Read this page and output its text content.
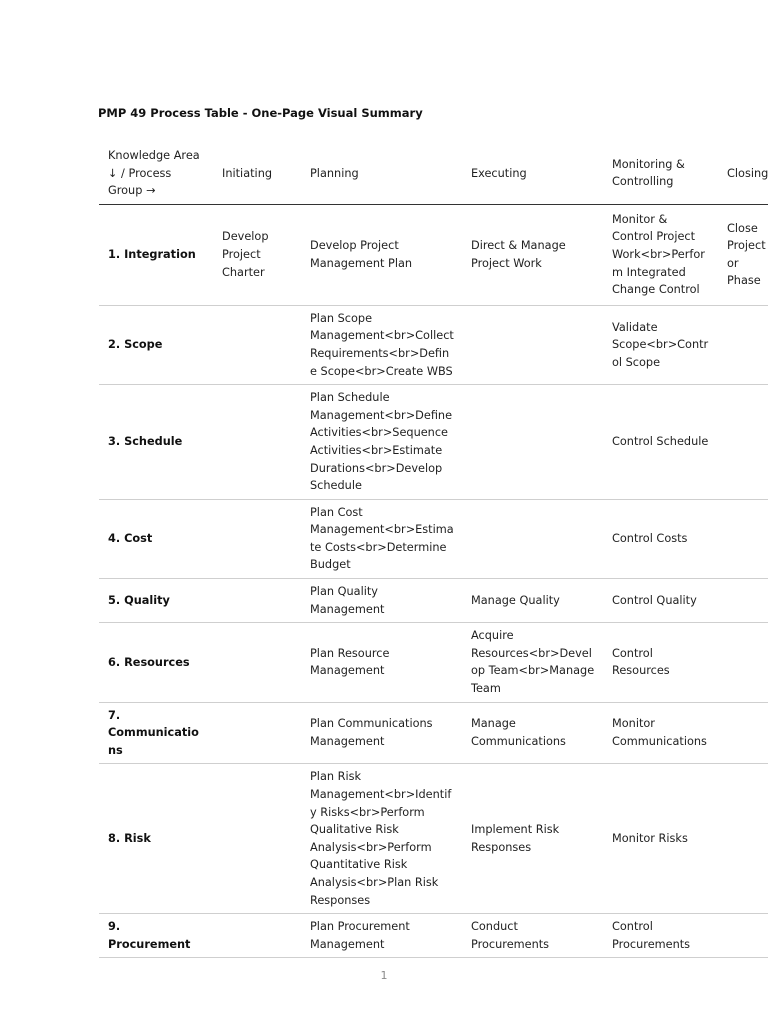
PMP 49 Process Table - One-Page Visual Summary
Knowledge Area ↓ / Process Group →	Initiating	Planning	Executing	Monitoring & Controlling	Closing
1. Integration	Develop Project Charter	Develop Project Management Plan	Direct & Manage Project Work	Monitor & Control Project Work<br>Perform Integrated Change Control	Close Project or Phase
2. Scope		Plan Scope Management<br>Collect Requirements<br>Define Scope<br>Create WBS		Validate Scope<br>Control Scope	
3. Schedule		Plan Schedule Management<br>Define Activities<br>Sequence Activities<br>Estimate Durations<br>Develop Schedule		Control Schedule	
4. Cost		Plan Cost Management<br>Estimate Costs<br>Determine Budget		Control Costs	
5. Quality		Plan Quality Management	Manage Quality	Control Quality	
6. Resources		Plan Resource Management	Acquire Resources<br>Develop Team<br>Manage Team	Control Resources	
7. Communications		Plan Communications Management	Manage Communications	Monitor Communications	
8. Risk		Plan Risk Management<br>Identify Risks<br>Perform Qualitative Risk Analysis<br>Perform Quantitative Risk Analysis<br>Plan Risk Responses	Implement Risk Responses	Monitor Risks	
9. Procurement		Plan Procurement Management	Conduct Procurements	Control Procurements	
1
